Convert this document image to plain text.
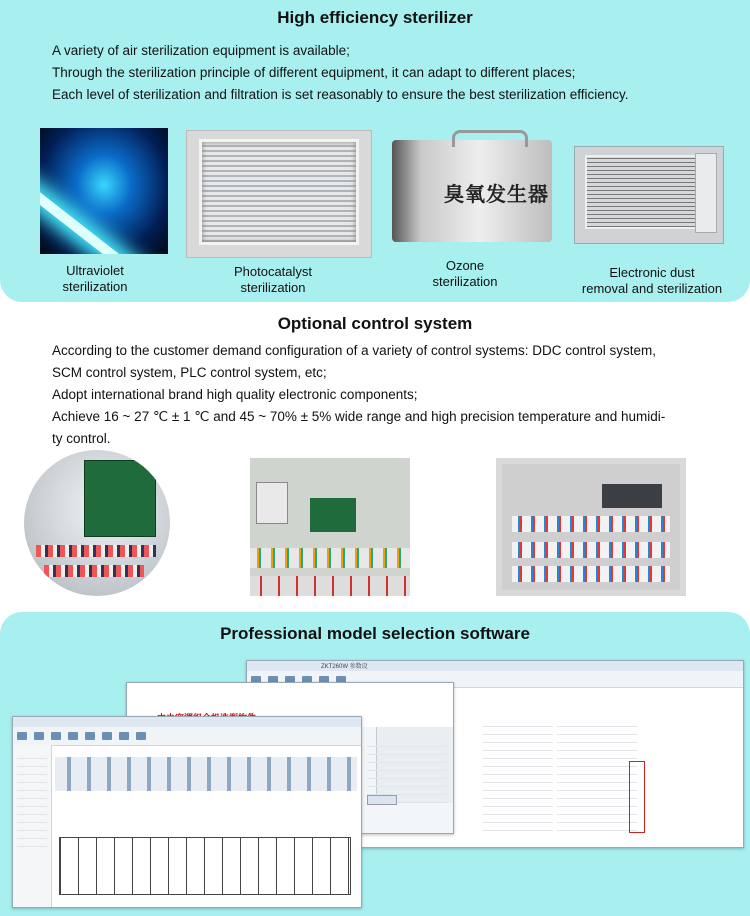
High efficiency sterilizer
A variety of air sterilization equipment is available;
Through the sterilization principle of different equipment, it can adapt to different places;
Each level of sterilization and filtration is set reasonably to ensure the best sterilization efficiency.
臭氧发生器
Ultraviolet
sterilization
Photocatalyst
sterilization
Ozone
sterilization
Electronic dust
removal and sterilization
Optional control system
According to the customer demand configuration of a variety of control systems: DDC control system,
SCM control system, PLC control system, etc;
Adopt international brand high quality electronic components;
Achieve 16 ~ 27 ℃ ± 1 ℃ and 45 ~ 70% ± 5% wide range and high precision temperature and humidi-
ty control.
Professional model selection software
ZKT260W 参数设
